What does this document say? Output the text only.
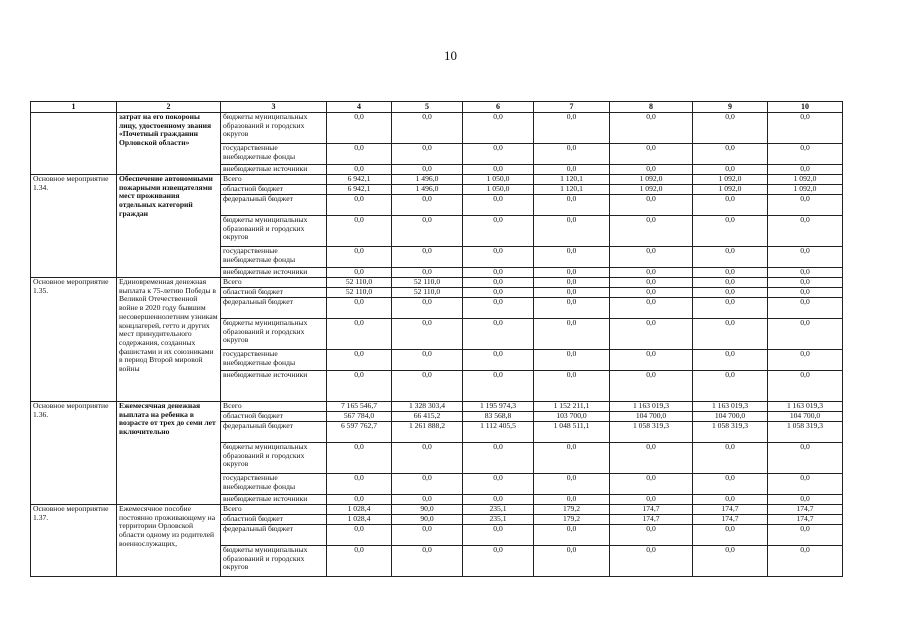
10
1	2	3	4	5	6	7	8	9	10
	затрат на его покороны лицу, удостоенному звания «Почетный гражданин Орловской области»	бюджеты муниципальных образований и городских округов	0,0	0,0	0,0	0,0	0,0	0,0	0,0
		государственные внебюджетные фонды	0,0	0,0	0,0	0,0	0,0	0,0	0,0
		внебюджетные источники	0,0	0,0	0,0	0,0	0,0	0,0	0,0
Основное мероприятие 1.34.	Обеспечение автономными пожарными извещателями мест проживания отдельных категорий граждан	Всего	6 942,1	1 496,0	1 050,0	1 120,1	1 092,0	1 092,0	1 092,0
		областной бюджет	6 942,1	1 496,0	1 050,0	1 120,1	1 092,0	1 092,0	1 092,0
		федеральный бюджет	0,0	0,0	0,0	0,0	0,0	0,0	0,0
		бюджеты муниципальных образований и городских округов	0,0	0,0	0,0	0,0	0,0	0,0	0,0
		государственные внебюджетные фонды	0,0	0,0	0,0	0,0	0,0	0,0	0,0
		внебюджетные источники	0,0	0,0	0,0	0,0	0,0	0,0	0,0
Основное мероприятие 1.35.	Единовременная денежная выплата к 75-летию Победы в Великой Отечественной войне в 2020 году бывшим несовершеннолетним узникам концлагерей, гетто и других мест принудительного содержания, созданных фашистами и их союзниками в период Второй мировой войны	Всего	52 110,0	52 110,0	0,0	0,0	0,0	0,0	0,0
		областной бюджет	52 110,0	52 110,0	0,0	0,0	0,0	0,0	0,0
		федеральный бюджет	0,0	0,0	0,0	0,0	0,0	0,0	0,0
		бюджеты муниципальных образований и городских округов	0,0	0,0	0,0	0,0	0,0	0,0	0,0
		государственные внебюджетные фонды	0,0	0,0	0,0	0,0	0,0	0,0	0,0
		внебюджетные источники	0,0	0,0	0,0	0,0	0,0	0,0	0,0
Основное мероприятие 1.36.	Ежемесячная денежная выплата на ребенка в возрасте от трех до семи лет включительно	Всего	7 165 546,7	1 328 303,4	1 195 974,3	1 152 211,1	1 163 019,3	1 163 019,3	1 163 019,3
		областной бюджет	567 784,0	66 415,2	83 568,8	103 700,0	104 700,0	104 700,0	104 700,0
		федеральный бюджет	6 597 762,7	1 261 888,2	1 112 405,5	1 048 511,1	1 058 319,3	1 058 319,3	1 058 319,3
		бюджеты муниципальных образований и городских округов	0,0	0,0	0,0	0,0	0,0	0,0	0,0
		государственные внебюджетные фонды	0,0	0,0	0,0	0,0	0,0	0,0	0,0
		внебюджетные источники	0,0	0,0	0,0	0,0	0,0	0,0	0,0
Основное мероприятие 1.37.	Ежемесячное пособие постоянно проживающему на территории Орловской области одному из родителей военнослужащих,	Всего	1 028,4	90,0	235,1	179,2	174,7	174,7	174,7
		областной бюджет	1 028,4	90,0	235,1	179,2	174,7	174,7	174,7
		федеральный бюджет	0,0	0,0	0,0	0,0	0,0	0,0	0,0
		бюджеты муниципальных образований и городских округов	0,0	0,0	0,0	0,0	0,0	0,0	0,0
